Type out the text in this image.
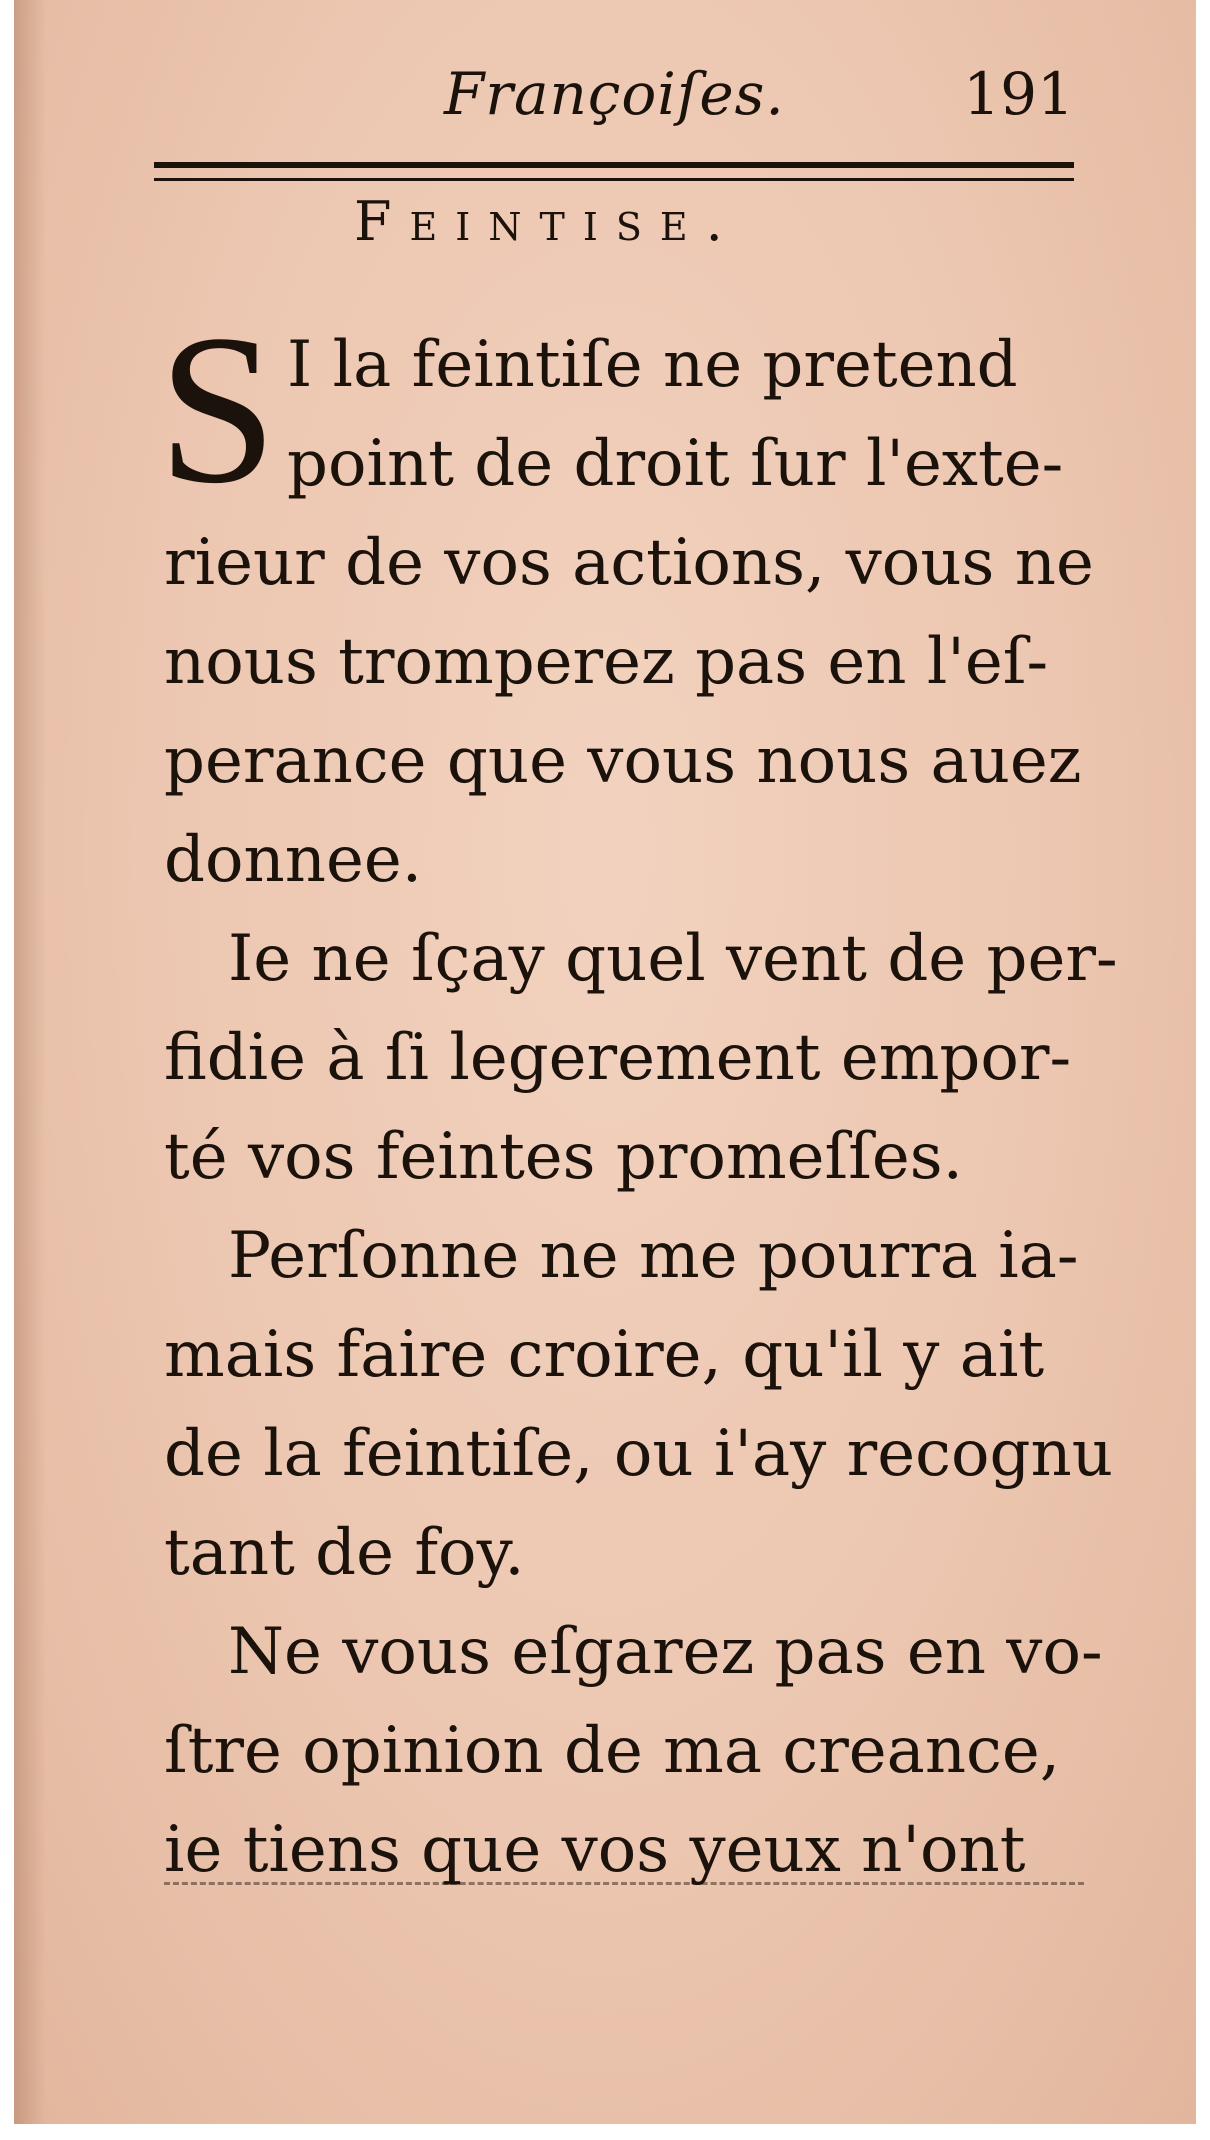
Françoiſes.	191
Feintise.

S I la feintiſe ne pretend
point de droit ſur l'exte-
rieur de vos actions, vous ne
nous tromperez pas en l'eſ-
perance que vous nous auez
donnee.

Ie ne ſçay quel vent de per-
fidie à ſi legerement empor-
té vos feintes promeſſes.

Perſonne ne me pourra ia-
mais faire croire, qu'il y ait
de la feintiſe, ou i'ay recognu
tant de foy.

Ne vous eſgarez pas en vo-
ſtre opinion de ma creance,
ie tiens que vos yeux n'ont
